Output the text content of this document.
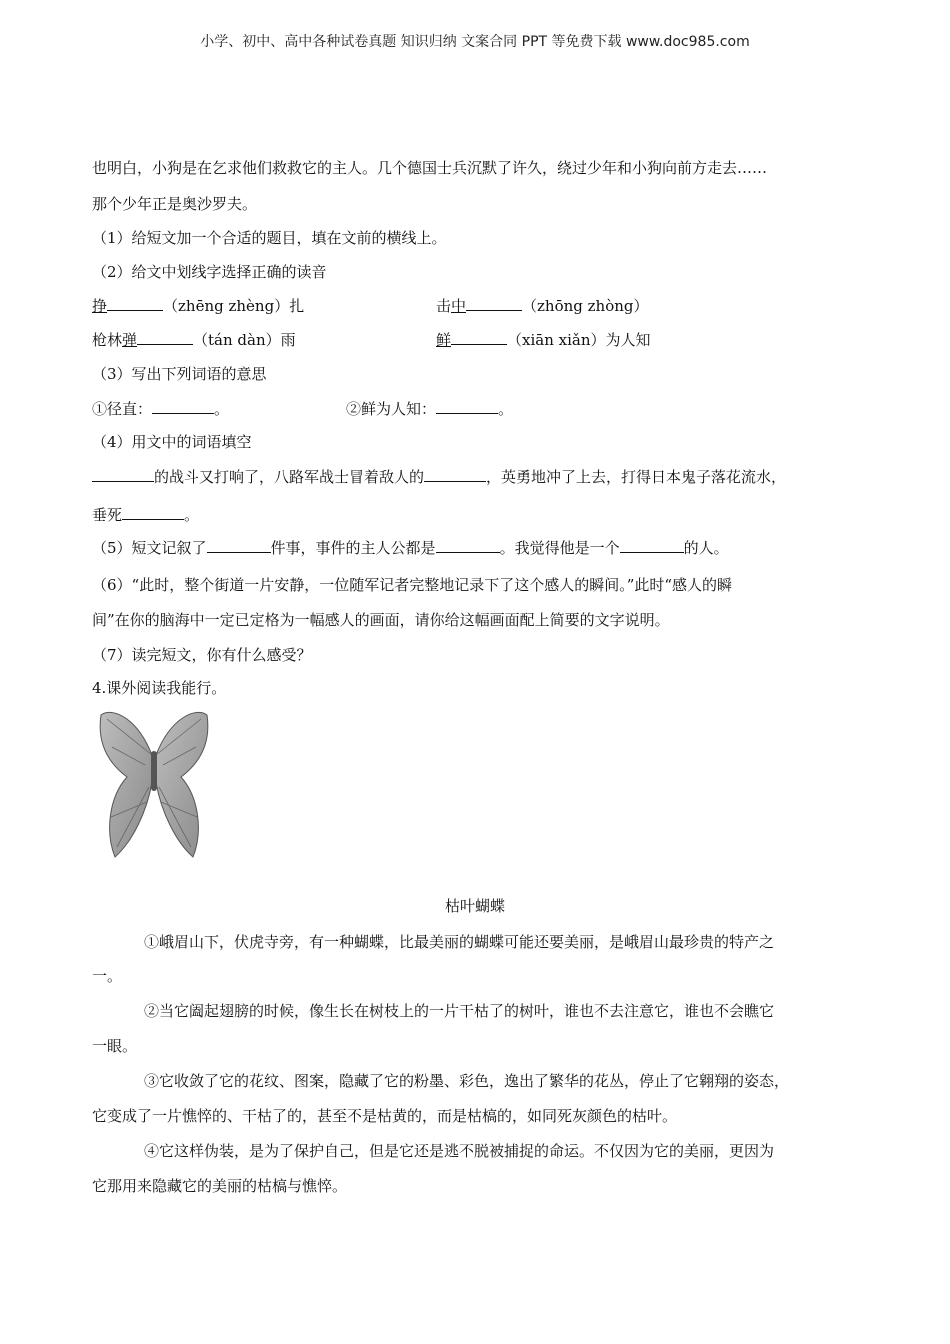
小学、初中、高中各种试卷真题 知识归纳 文案合同 PPT 等免费下载 www.doc985.com
也明白，小狗是在乞求他们救救它的主人。几个德国士兵沉默了许久，绕过少年和小狗向前方走去……
那个少年正是奥沙罗夫。
（1）给短文加一个合适的题目，填在文前的横线上。
（2）给文中划线字选择正确的读音
挣	（zhēng zhèng）扎	击中	（zhōng zhòng）
枪林弹	（tán dàn）雨	鲜	（xiān xiǎn）为人知
（3）写出下列词语的意思
①径直：	。	②鲜为人知：	。
（4）用文中的词语填空
的战斗又打响了，八路军战士冒着敌人的	，英勇地冲了上去，打得日本鬼子落花流水，
垂死	。
（5）短文记叙了	件事，事件的主人公都是	。我觉得他是一个	的人。
（6）“此时，整个街道一片安静，一位随军记者完整地记录下了这个感人的瞬间。”此时“感人的瞬
间”在你的脑海中一定已定格为一幅感人的画面，请你给这幅画面配上简要的文字说明。
（7）读完短文，你有什么感受？
4.课外阅读我能行。
枯叶蝴蝶
①峨眉山下，伏虎寺旁，有一种蝴蝶，比最美丽的蝴蝶可能还要美丽，是峨眉山最珍贵的特产之
一。
②当它阖起翅膀的时候，像生长在树枝上的一片干枯了的树叶，谁也不去注意它，谁也不会瞧它
一眼。
③它收敛了它的花纹、图案，隐藏了它的粉墨、彩色，逸出了繁华的花丛，停止了它翱翔的姿态，
它变成了一片憔悴的、干枯了的，甚至不是枯黄的，而是枯槁的，如同死灰颜色的枯叶。
④它这样伪装，是为了保护自己，但是它还是逃不脱被捕捉的命运。不仅因为它的美丽，更因为
它那用来隐藏它的美丽的枯槁与憔悴。
